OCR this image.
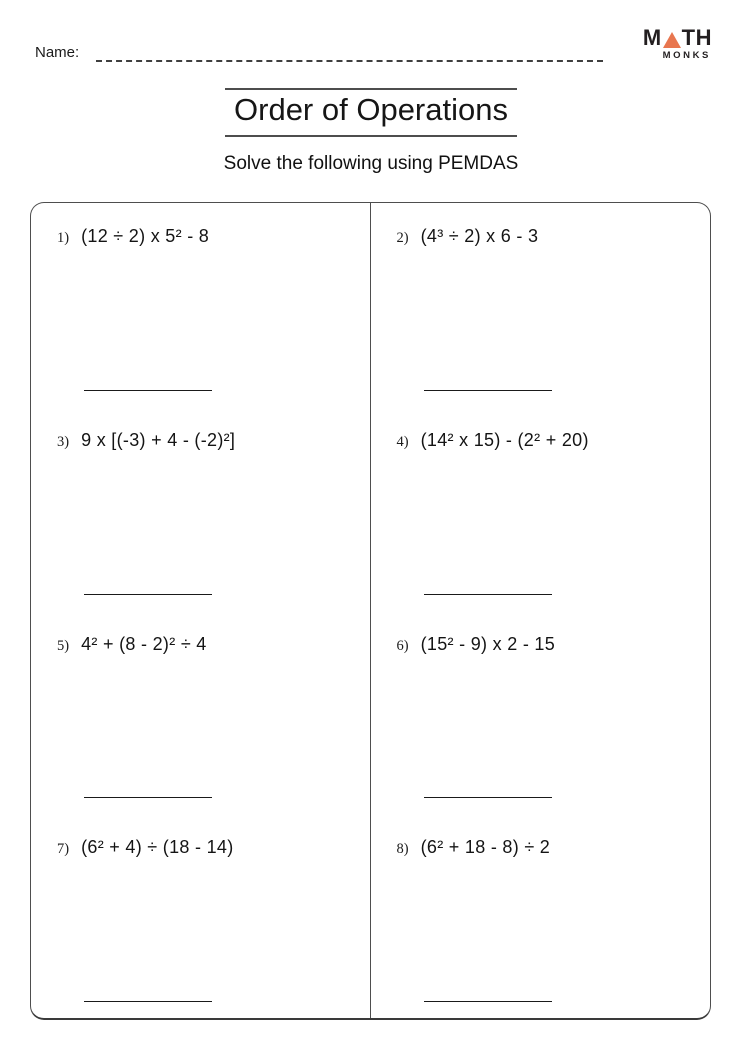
Name:
M TH
MONKS
Order of Operations
Solve the following using PEMDAS
1) (12 ÷ 2) x 5² - 8	2) (4³ ÷ 2) x 6 - 3
3) 9 x [(-3) + 4 - (-2)²]	4) (14² x 15) - (2² + 20)
5) 4² + (8 - 2)² ÷ 4	6) (15² - 9) x 2 - 15
7) (6² + 4) ÷ (18 - 14)	8) (6² + 18 - 8) ÷ 2
